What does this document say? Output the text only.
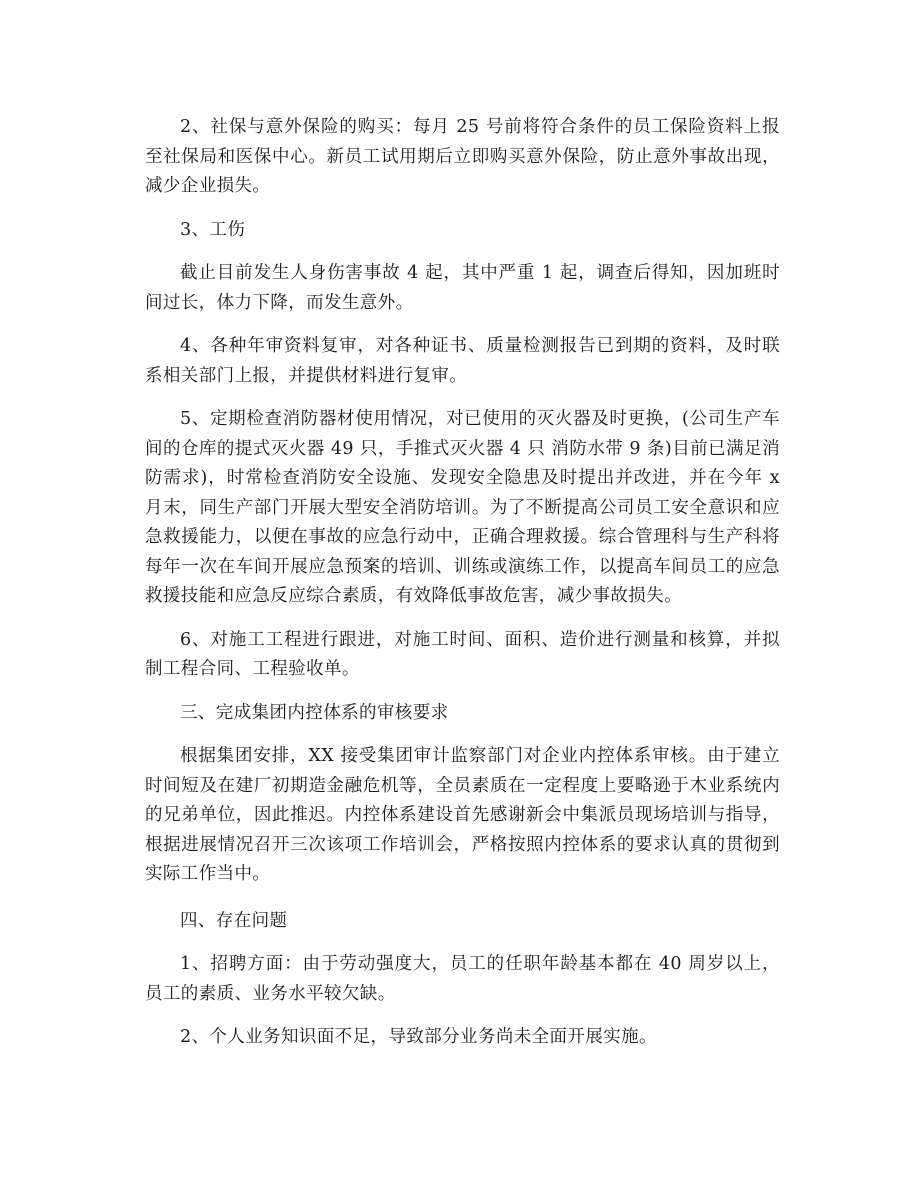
2、社保与意外保险的购买：每月 25 号前将符合条件的员工保险资料上报至社保局和医保中心。新员工试用期后立即购买意外保险，防止意外事故出现，减少企业损失。

3、工伤

截止目前发生人身伤害事故 4 起，其中严重 1 起，调查后得知，因加班时间过长，体力下降，而发生意外。

4、各种年审资料复审，对各种证书、质量检测报告已到期的资料，及时联系相关部门上报，并提供材料进行复审。

5、定期检查消防器材使用情况，对已使用的灭火器及时更换，(公司生产车间的仓库的提式灭火器 49 只，手推式灭火器 4 只 消防水带 9 条)目前已满足消防需求)，时常检查消防安全设施、发现安全隐患及时提出并改进，并在今年 x 月末，同生产部门开展大型安全消防培训。为了不断提高公司员工安全意识和应急救援能力，以便在事故的应急行动中，正确合理救援。综合管理科与生产科将每年一次在车间开展应急预案的培训、训练或演练工作，以提高车间员工的应急救援技能和应急反应综合素质，有效降低事故危害，减少事故损失。

6、对施工工程进行跟进，对施工时间、面积、造价进行测量和核算，并拟制工程合同、工程验收单。

三、完成集团内控体系的审核要求

根据集团安排，XX 接受集团审计监察部门对企业内控体系审核。由于建立时间短及在建厂初期造金融危机等，全员素质在一定程度上要略逊于木业系统内的兄弟单位，因此推迟。内控体系建设首先感谢新会中集派员现场培训与指导，根据进展情况召开三次该项工作培训会，严格按照内控体系的要求认真的贯彻到实际工作当中。

四、存在问题

1、招聘方面：由于劳动强度大，员工的任职年龄基本都在 40 周岁以上，员工的素质、业务水平较欠缺。

2、个人业务知识面不足，导致部分业务尚未全面开展实施。
